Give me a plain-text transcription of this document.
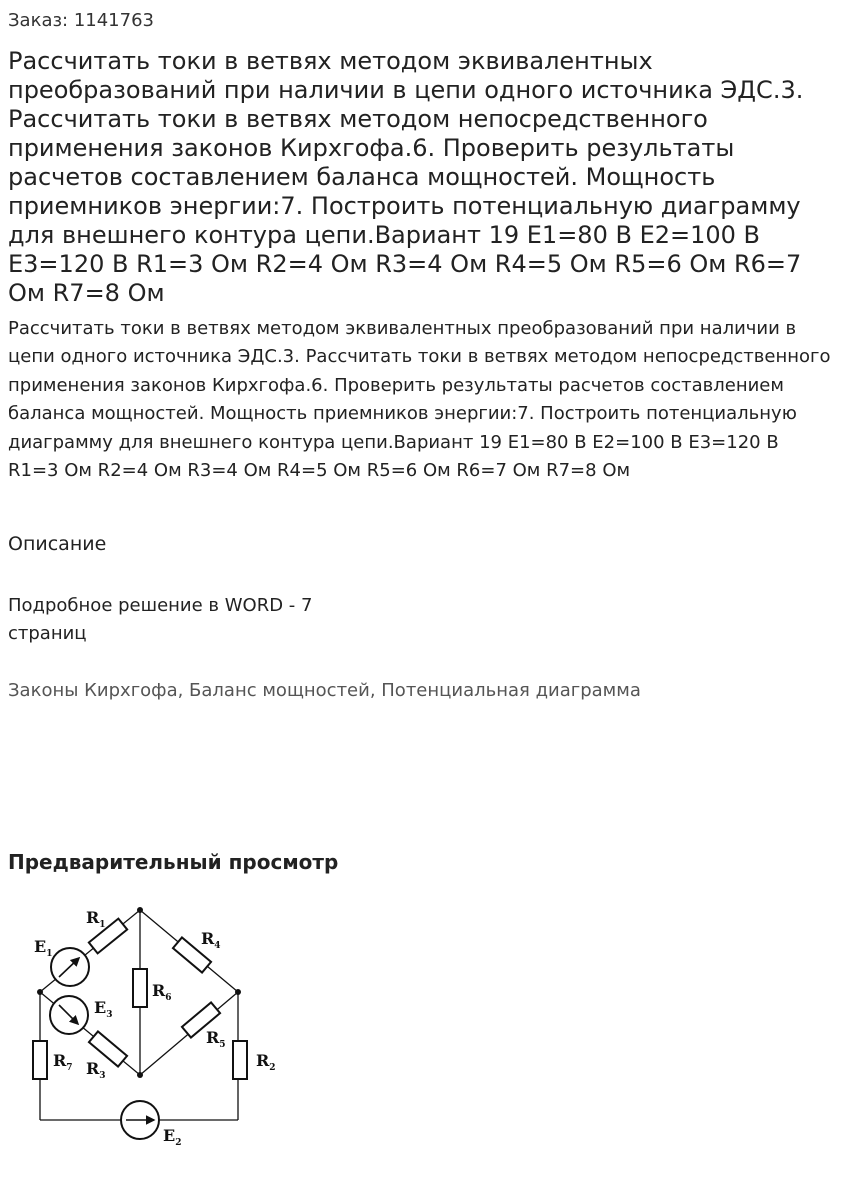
Заказ: 1141763
Рассчитать токи в ветвях методом эквивалентных преобразований при наличии в цепи одного источника ЭДС.3. Рассчитать токи в ветвях методом непосредственного применения законов Кирхгофа.6. Проверить результаты расчетов составлением баланса мощностей. Мощность приемников энергии:7. Построить потенциальную диаграмму для внешнего контура цепи.Вариант 19 E1=80 В E2=100 В E3=120 В R1=3 Ом R2=4 Ом R3=4 Ом R4=5 Ом R5=6 Ом R6=7 Ом R7=8 Ом

Рассчитать токи в ветвях методом эквивалентных преобразований при наличии в цепи одного источника ЭДС.3. Рассчитать токи в ветвях методом непосредственного применения законов Кирхгофа.6. Проверить результаты расчетов составлением баланса мощностей. Мощность приемников энергии:7. Построить потенциальную диаграмму для внешнего контура цепи.Вариант 19 E1=80 В E2=100 В E3=120 В R1=3 Ом R2=4 Ом R3=4 Ом R4=5 Ом R5=6 Ом R6=7 Ом R7=8 Ом

Описание

Подробное решение в WORD - 7 страниц

Законы Кирхгофа, Баланс мощностей, Потенциальная диаграмма
Предварительный просмотр
$R_1$
$R_4$
$E_1$
$R_6$
$E_3$
$R_5$
$R_7$ $R_3$
$R_2$
$E_2$
